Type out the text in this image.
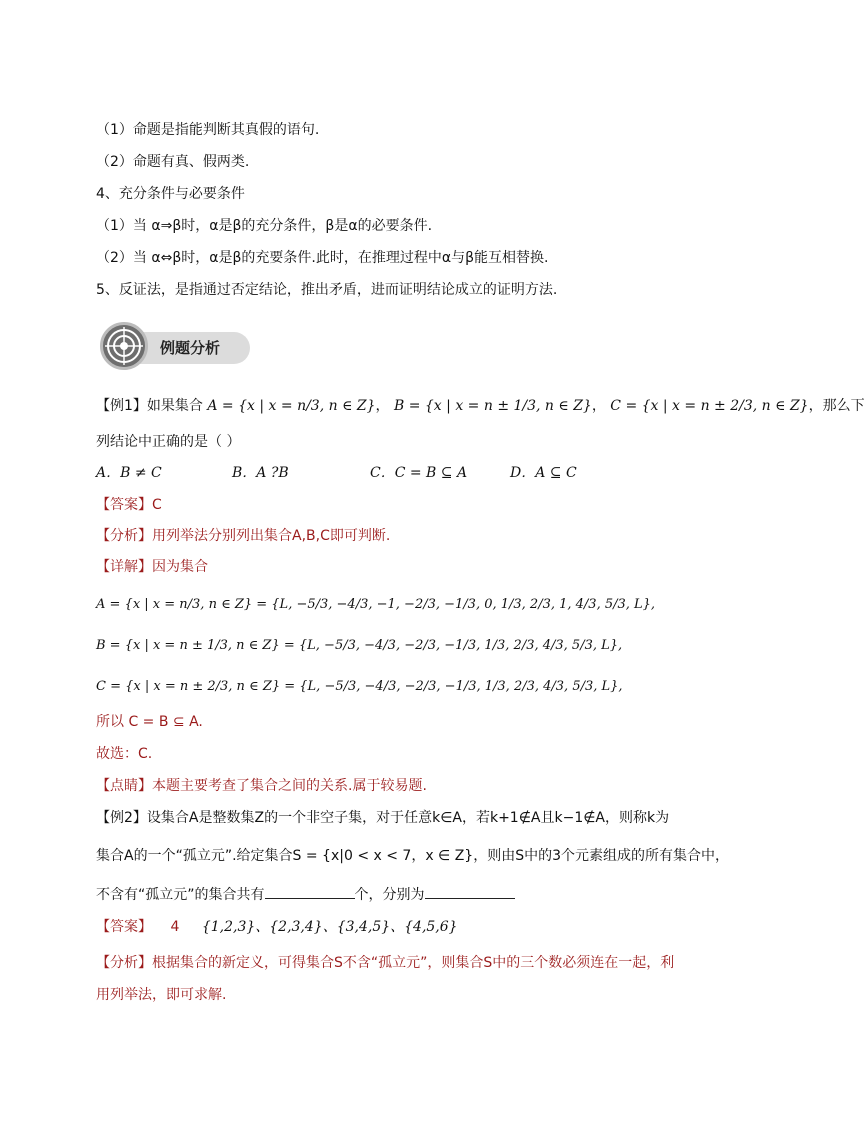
（1）命题是指能判断其真假的语句.
（2）命题有真、假两类.
4、充分条件与必要条件
（1）当 α⇒β时，α是β的充分条件，β是α的必要条件.
（2）当 α⇔β时，α是β的充要条件.此时，在推理过程中α与β能互相替换.
5、反证法，是指通过否定结论，推出矛盾，进而证明结论成立的证明方法.
例题分析
【例1】如果集合 A = {x | x = n/3, n ∈ Z}， B = {x | x = n ± 1/3, n ∈ Z}， C = {x | x = n ± 2/3, n ∈ Z}，那么下
列结论中正确的是（ ）
A．B ≠ C	B．A ?B	C．C = B ⊆ A	D．A ⊆ C
【答案】C
【分析】用列举法分别列出集合A,B,C即可判断.
【详解】因为集合
A = {x | x = n/3, n ∈ Z} = {L, −5/3, −4/3, −1, −2/3, −1/3, 0, 1/3, 2/3, 1, 4/3, 5/3, L},
B = {x | x = n ± 1/3, n ∈ Z} = {L, −5/3, −4/3, −2/3, −1/3, 1/3, 2/3, 4/3, 5/3, L},
C = {x | x = n ± 2/3, n ∈ Z} = {L, −5/3, −4/3, −2/3, −1/3, 1/3, 2/3, 4/3, 5/3, L},
所以 C = B ⊆ A.
故选：C.
【点睛】本题主要考查了集合之间的关系.属于较易题.
【例2】设集合A是整数集Z的一个非空子集，对于任意k∈A，若k+1∉A且k−1∉A，则称k为
集合A的一个“孤立元”.给定集合S = {x|0 < x < 7，x ∈ Z}，则由S中的3个元素组成的所有集合中，
不含有“孤立元”的集合共有	个，分别为
【答案】 4 {1,2,3}、{2,3,4}、{3,4,5}、{4,5,6}
【分析】根据集合的新定义，可得集合S不含“孤立元”，则集合S中的三个数必须连在一起，利
用列举法，即可求解.
